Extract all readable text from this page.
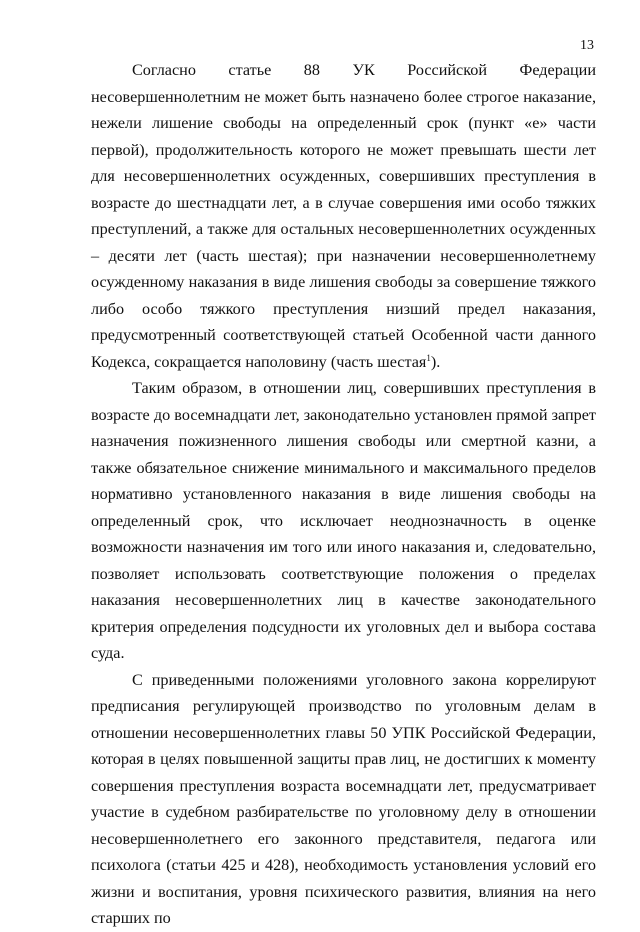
13

Согласно статье 88 УК Российской Федерации несовершеннолетним не может быть назначено более строгое наказание, нежели лишение свободы на определенный срок (пункт «е» части первой), продолжительность которого не может превышать шести лет для несовершеннолетних осужденных, совершивших преступления в возрасте до шестнадцати лет, а в случае совершения ими особо тяжких преступлений, а также для остальных несовершеннолетних осужденных – десяти лет (часть шестая); при назначении несовершеннолетнему осужденному наказания в виде лишения свободы за совершение тяжкого либо особо тяжкого преступления низший предел наказания, предусмотренный соответствующей статьей Особенной части данного Кодекса, сокращается наполовину (часть шестая$^1$).

Таким образом, в отношении лиц, совершивших преступления в возрасте до восемнадцати лет, законодательно установлен прямой запрет назначения пожизненного лишения свободы или смертной казни, а также обязательное снижение минимального и максимального пределов нормативно установленного наказания в виде лишения свободы на определенный срок, что исключает неоднозначность в оценке возможности назначения им того или иного наказания и, следовательно, позволяет использовать соответствующие положения о пределах наказания несовершеннолетних лиц в качестве законодательного критерия определения подсудности их уголовных дел и выбора состава суда.

С приведенными положениями уголовного закона коррелируют предписания регулирующей производство по уголовным делам в отношении несовершеннолетних главы 50 УПК Российской Федерации, которая в целях повышенной защиты прав лиц, не достигших к моменту совершения преступления возраста восемнадцати лет, предусматривает участие в судебном разбирательстве по уголовному делу в отношении несовершеннолетнего его законного представителя, педагога или психолога (статьи 425 и 428), необходимость установления условий его жизни и воспитания, уровня психического развития, влияния на него старших по
